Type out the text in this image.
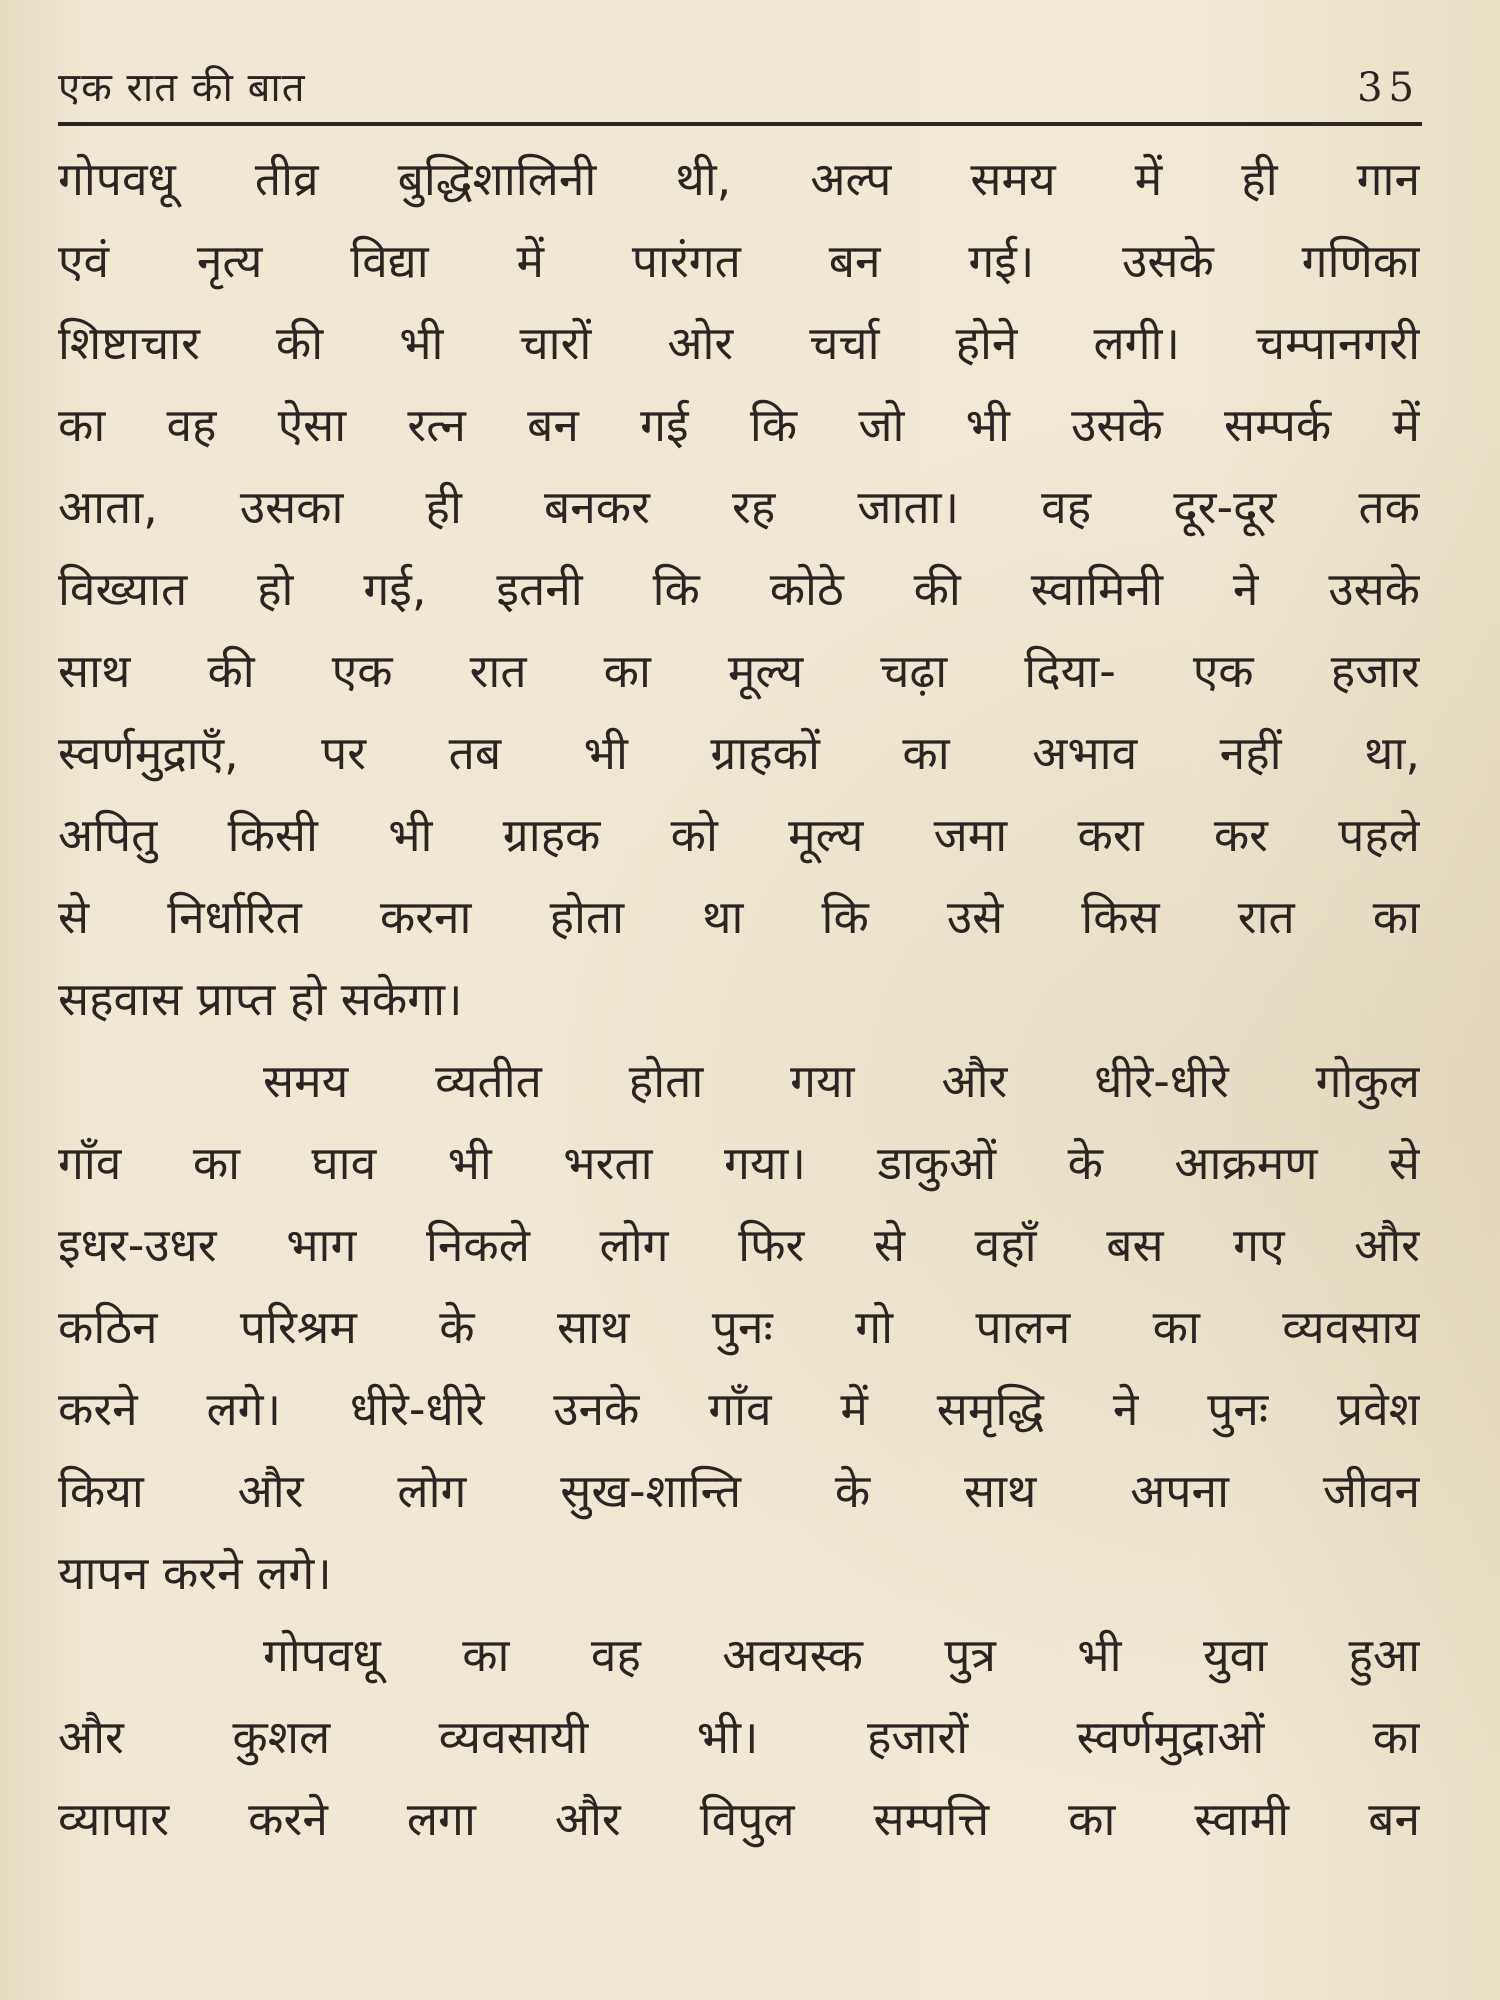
एक रात की बात	35
गोपवधू तीव्र बुद्धिशालिनी थी, अल्प समय में ही गान
एवं नृत्य विद्या में पारंगत बन गई। उसके गणिका
शिष्टाचार की भी चारों ओर चर्चा होने लगी। चम्पानगरी
का वह ऐसा रत्न बन गई कि जो भी उसके सम्पर्क में
आता, उसका ही बनकर रह जाता। वह दूर-दूर तक
विख्यात हो गई, इतनी कि कोठे की स्वामिनी ने उसके
साथ की एक रात का मूल्य चढ़ा दिया- एक हजार
स्वर्णमुद्राएँ, पर तब भी ग्राहकों का अभाव नहीं था,
अपितु किसी भी ग्राहक को मूल्य जमा करा कर पहले
से निर्धारित करना होता था कि उसे किस रात का
सहवास प्राप्त हो सकेगा।
समय व्यतीत होता गया और धीरे-धीरे गोकुल
गाँव का घाव भी भरता गया। डाकुओं के आक्रमण से
इधर-उधर भाग निकले लोग फिर से वहाँ बस गए और
कठिन परिश्रम के साथ पुनः गो पालन का व्यवसाय
करने लगे। धीरे-धीरे उनके गाँव में समृद्धि ने पुनः प्रवेश
किया और लोग सुख-शान्ति के साथ अपना जीवन
यापन करने लगे।
गोपवधू का वह अवयस्क पुत्र भी युवा हुआ
और कुशल व्यवसायी भी। हजारों स्वर्णमुद्राओं का
व्यापार करने लगा और विपुल सम्पत्ति का स्वामी बन
